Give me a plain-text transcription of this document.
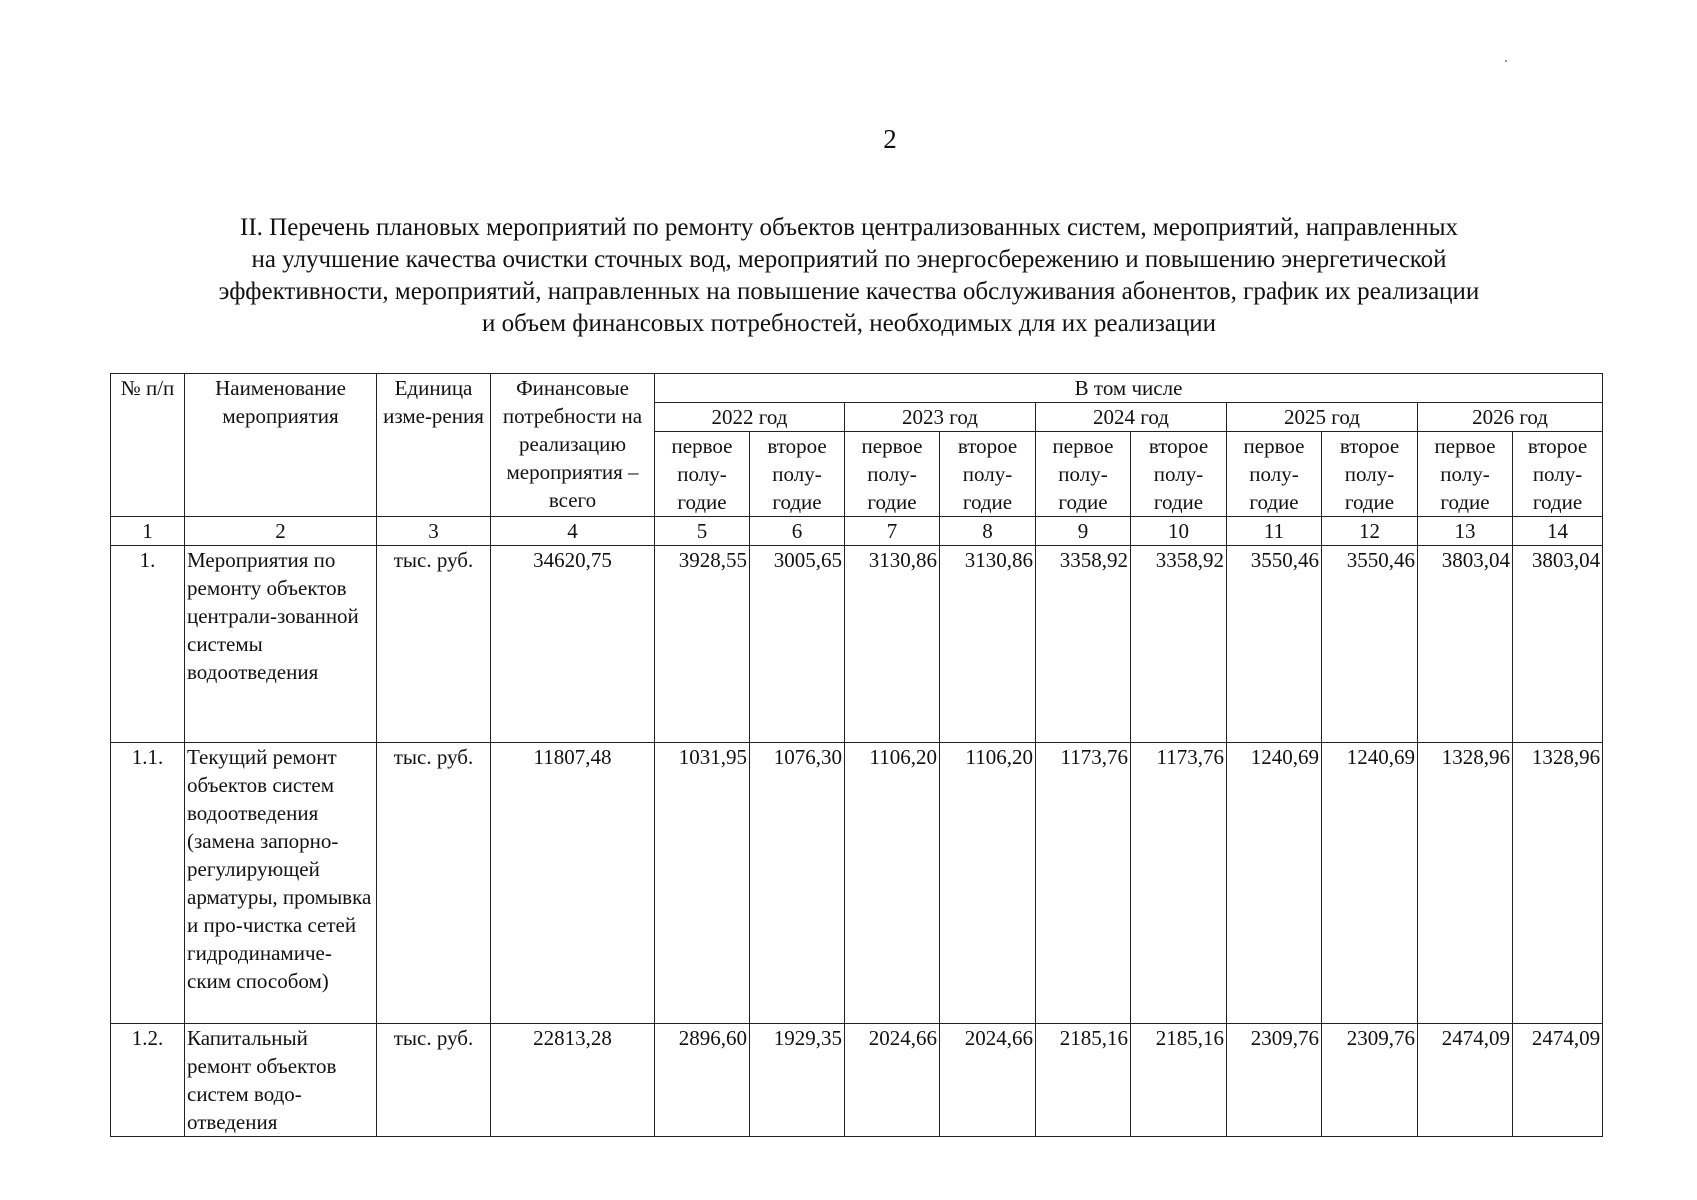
2
II. Перечень плановых мероприятий по ремонту объектов централизованных систем, мероприятий, направленных
на улучшение качества очистки сточных вод, мероприятий по энергосбережению и повышению энергетической
эффективности, мероприятий, направленных на повышение качества обслуживания абонентов, график их реализации
и объем финансовых потребностей, необходимых для их реализации
№ п/п	Наименование мероприятия	Единица изме-рения	Финансовые потребности на реализацию мероприятия – всего	В том числе									
				2022 год		2023 год		2024 год		2025 год		2026 год	
				первое полу-годие	второе полу-годие	первое полу-годие	второе полу-годие	первое полу-годие	второе полу-годие	первое полу-годие	второе полу-годие	первое полу-годие	второе полу-годие
1	2	3	4	5	6	7	8	9	10	11	12	13	14
1.	Мероприятия по ремонту объектов централи-зованной системы водоотведения	тыс. руб.	34620,75	3928,55	3005,65	3130,86	3130,86	3358,92	3358,92	3550,46	3550,46	3803,04	3803,04
1.1.	Текущий ремонт объектов систем водоотведения (замена запорно-регулирующей арматуры, промывка и про-чистка сетей гидродинамиче-ским способом)	тыс. руб.	11807,48	1031,95	1076,30	1106,20	1106,20	1173,76	1173,76	1240,69	1240,69	1328,96	1328,96
1.2.	Капитальный ремонт объектов систем водо-отведения	тыс. руб.	22813,28	2896,60	1929,35	2024,66	2024,66	2185,16	2185,16	2309,76	2309,76	2474,09	2474,09
